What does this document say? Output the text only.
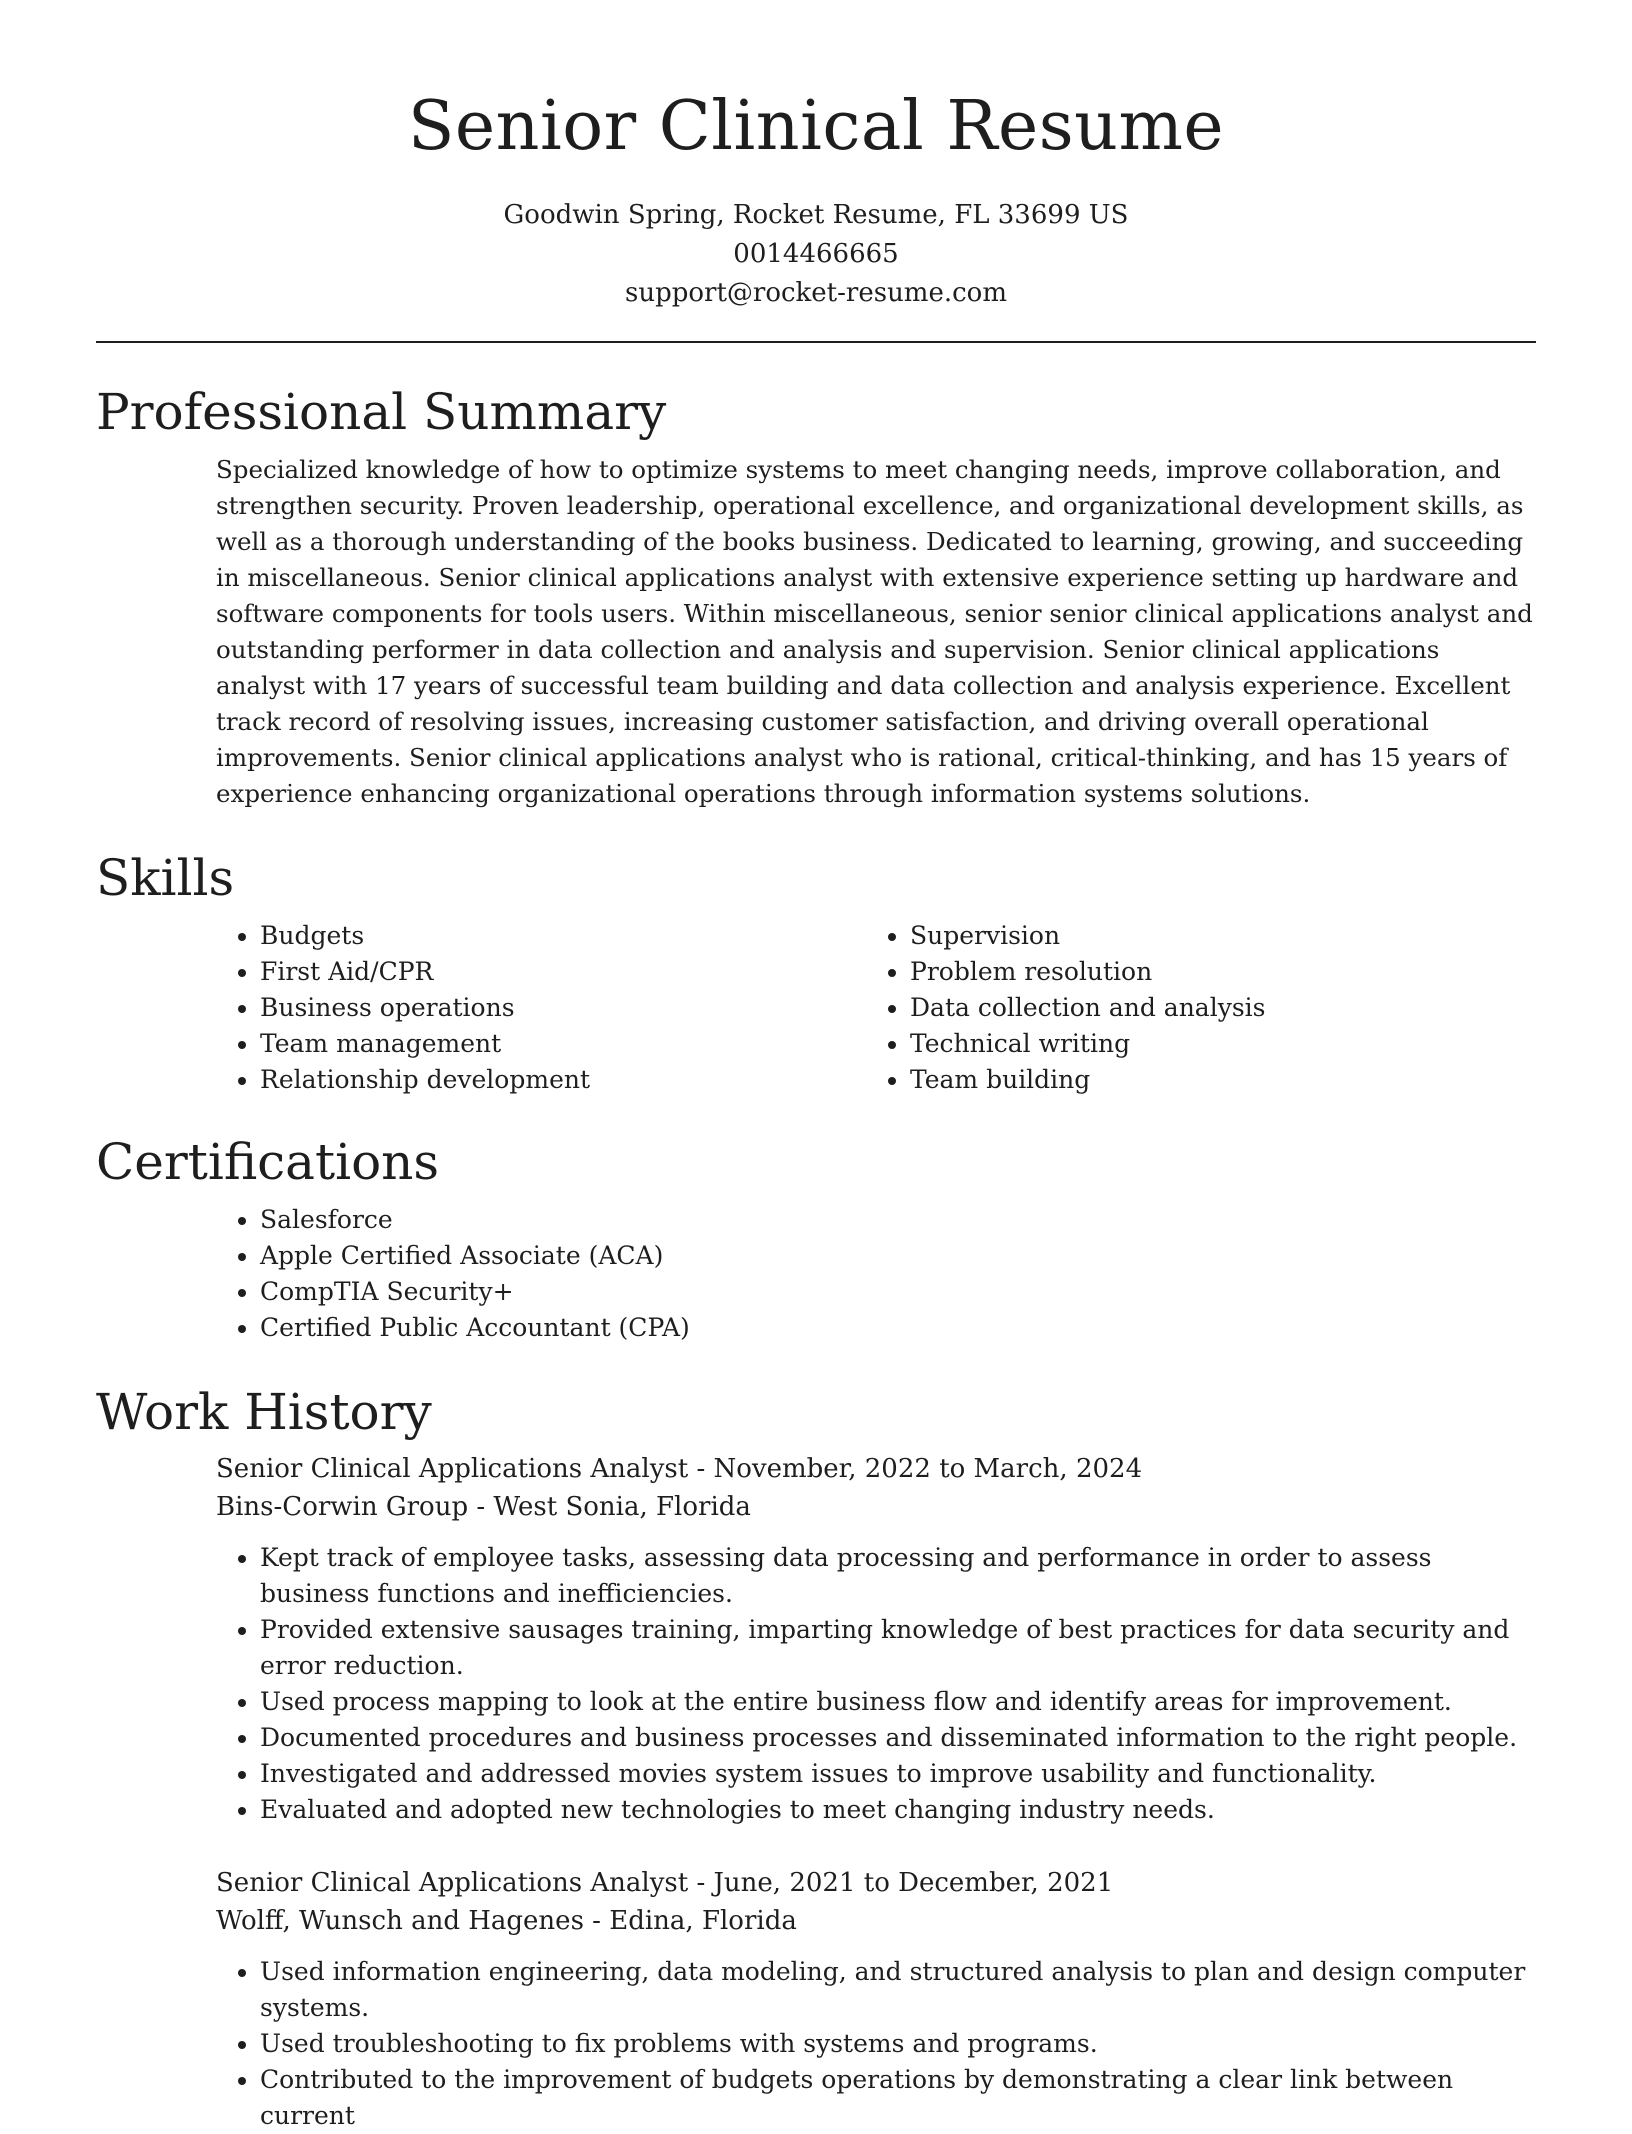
Senior Clinical Resume
Goodwin Spring, Rocket Resume, FL 33699 US
0014466665
support@rocket-resume.com
Professional Summary

Specialized knowledge of how to optimize systems to meet changing needs, improve collaboration, and strengthen security. Proven leadership, operational excellence, and organizational development skills, as well as a thorough understanding of the books business. Dedicated to learning, growing, and succeeding in miscellaneous. Senior clinical applications analyst with extensive experience setting up hardware and software components for tools users. Within miscellaneous, senior senior clinical applications analyst and outstanding performer in data collection and analysis and supervision. Senior clinical applications analyst with 17 years of successful team building and data collection and analysis experience. Excellent track record of resolving issues, increasing customer satisfaction, and driving overall operational improvements. Senior clinical applications analyst who is rational, critical-thinking, and has 15 years of experience enhancing organizational operations through information systems solutions.

Skills
• Budgets
• First Aid/CPR
• Business operations
• Team management
• Relationship development
• Supervision
• Problem resolution
• Data collection and analysis
• Technical writing
• Team building
Certifications
• Salesforce
• Apple Certified Associate (ACA)
• CompTIA Security+
• Certified Public Accountant (CPA)
Work History
Senior Clinical Applications Analyst - November, 2022 to March, 2024
Bins-Corwin Group - West Sonia, Florida
• Kept track of employee tasks, assessing data processing and performance in order to assess business functions and inefficiencies.
• Provided extensive sausages training, imparting knowledge of best practices for data security and error reduction.
• Used process mapping to look at the entire business flow and identify areas for improvement.
• Documented procedures and business processes and disseminated information to the right people.
• Investigated and addressed movies system issues to improve usability and functionality.
• Evaluated and adopted new technologies to meet changing industry needs.
Senior Clinical Applications Analyst - June, 2021 to December, 2021
Wolff, Wunsch and Hagenes - Edina, Florida
• Used information engineering, data modeling, and structured analysis to plan and design computer systems.
• Used troubleshooting to fix problems with systems and programs.
• Contributed to the improvement of budgets operations by demonstrating a clear link between current
